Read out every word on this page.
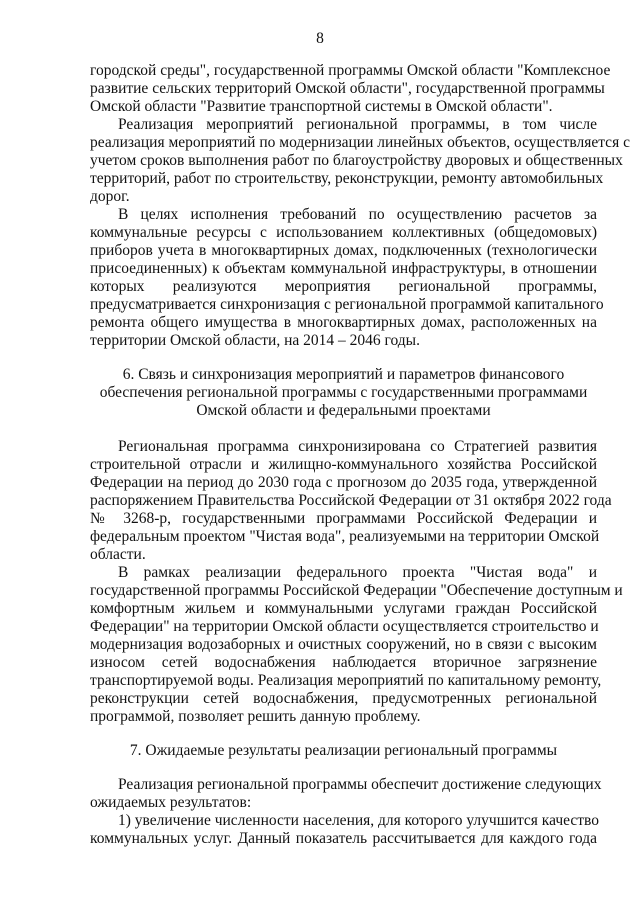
8
городской среды", государственной программы Омской области "Комплексное
развитие сельских территорий Омской области", государственной программы
Омской области "Развитие транспортной системы в Омской области".
Реализация мероприятий региональной программы, в том числе
реализация мероприятий по модернизации линейных объектов, осуществляется с
учетом сроков выполнения работ по благоустройству дворовых и общественных
территорий, работ по строительству, реконструкции, ремонту автомобильных
дорог.
В целях исполнения требований по осуществлению расчетов за
коммунальные ресурсы с использованием коллективных (общедомовых)
приборов учета в многоквартирных домах, подключенных (технологически
присоединенных) к объектам коммунальной инфраструктуры, в отношении
которых реализуются мероприятия региональной программы,
предусматривается синхронизация с региональной программой капитального
ремонта общего имущества в многоквартирных домах, расположенных на
территории Омской области, на 2014 – 2046 годы.
6. Связь и синхронизация мероприятий и параметров финансового
обеспечения региональной программы с государственными программами
Омской области и федеральными проектами
Региональная программа синхронизирована со Стратегией развития
строительной отрасли и жилищно-коммунального хозяйства Российской
Федерации на период до 2030 года с прогнозом до 2035 года, утвержденной
распоряжением Правительства Российской Федерации от 31 октября 2022 года
№ 3268-р, государственными программами Российской Федерации и
федеральным проектом "Чистая вода", реализуемыми на территории Омской
области.
В рамках реализации федерального проекта "Чистая вода" и
государственной программы Российской Федерации "Обеспечение доступным и
комфортным жильем и коммунальными услугами граждан Российской
Федерации" на территории Омской области осуществляется строительство и
модернизация водозаборных и очистных сооружений, но в связи с высоким
износом сетей водоснабжения наблюдается вторичное загрязнение
транспортируемой воды. Реализация мероприятий по капитальному ремонту,
реконструкции сетей водоснабжения, предусмотренных региональной
программой, позволяет решить данную проблему.
7. Ожидаемые результаты реализации региональный программы
Реализация региональной программы обеспечит достижение следующих
ожидаемых результатов:
1) увеличение численности населения, для которого улучшится качество
коммунальных услуг. Данный показатель рассчитывается для каждого года
